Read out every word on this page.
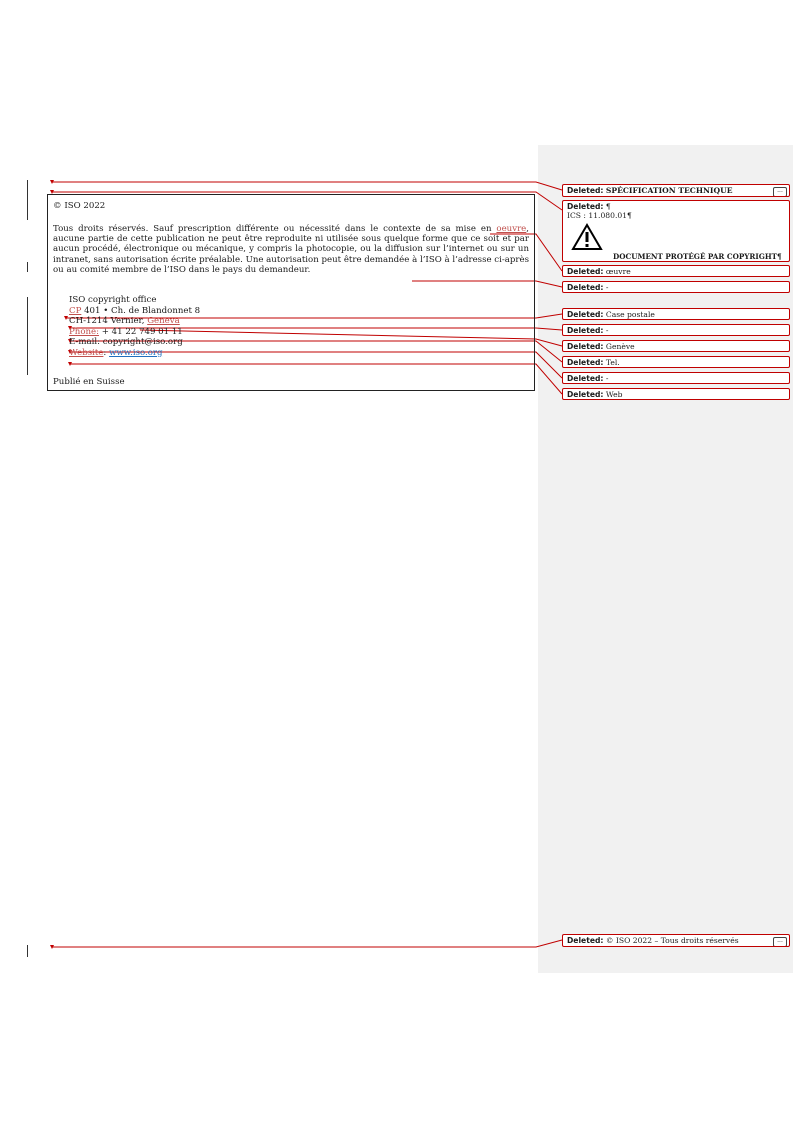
© ISO 2022

Tous droits réservés. Sauf prescription différente ou nécessité dans le contexte de sa mise en oeuvre, aucune partie de cette publication ne peut être reproduite ni utilisée sous quelque forme que ce soit et par aucun procédé, électronique ou mécanique, y compris la photocopie, ou la diffusion sur l’internet ou sur un intranet, sans autorisation écrite préalable. Une autorisation peut être demandée à l’ISO à l’adresse ci-après ou au comité membre de l’ISO dans le pays du demandeur.

ISO copyright office
CP 401 • Ch. de Blandonnet 8
CH-1214 Vernier, Geneva
Phone: + 41 22 749 01 11
E-mail: copyright@iso.org
Website: www.iso.org
Publié en Suisse
Deleted: SPÉCIFICATION TECHNIQUE	...
Deleted: ¶
ICS : 11.080.01¶
DOCUMENT PROTÉGÉ PAR COPYRIGHT¶
Deleted: œuvre
Deleted: -
Deleted: Case postale
Deleted: -
Deleted: Genève
Deleted: Tel.
Deleted: -
Deleted: Web
Deleted: © ISO 2022 – Tous droits réservés	...
